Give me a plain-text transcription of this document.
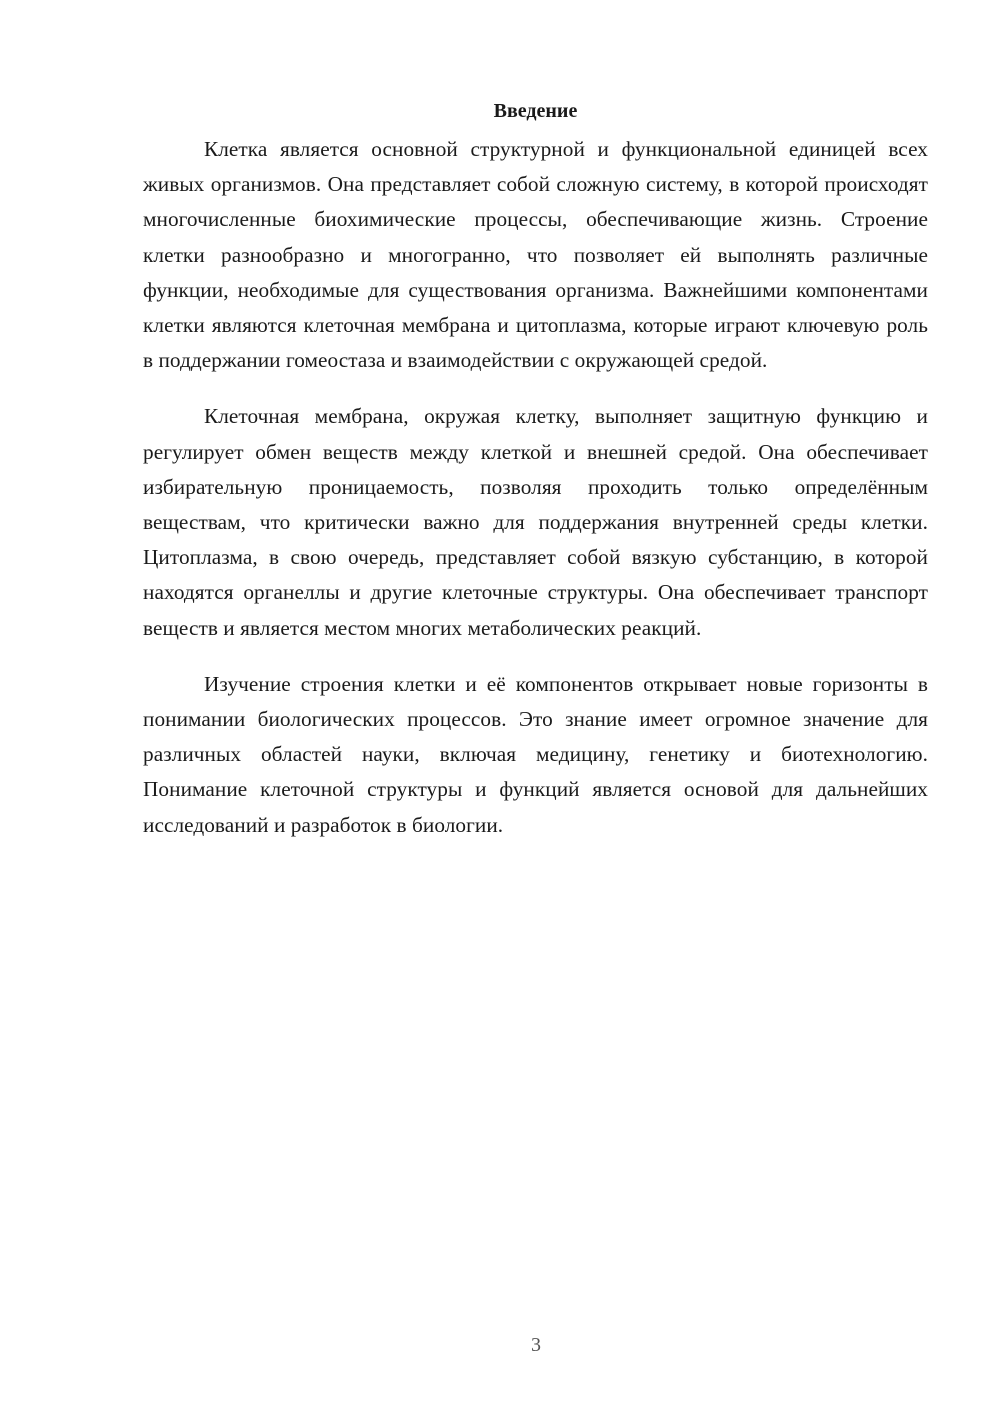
Введение

Клетка является основной структурной и функциональной единицей всех живых организмов. Она представляет собой сложную систему, в которой происходят многочисленные биохимические процессы, обеспечивающие жизнь. Строение клетки разнообразно и многогранно, что позволяет ей выполнять различные функции, необходимые для существования организма. Важнейшими компонентами клетки являются клеточная мембрана и цитоплазма, которые играют ключевую роль в поддержании гомеостаза и взаимодействии с окружающей средой.

Клеточная мембрана, окружая клетку, выполняет защитную функцию и регулирует обмен веществ между клеткой и внешней средой. Она обеспечивает избирательную проницаемость, позволяя проходить только определённым веществам, что критически важно для поддержания внутренней среды клетки. Цитоплазма, в свою очередь, представляет собой вязкую субстанцию, в которой находятся органеллы и другие клеточные структуры. Она обеспечивает транспорт веществ и является местом многих метаболических реакций.

Изучение строения клетки и её компонентов открывает новые горизонты в понимании биологических процессов. Это знание имеет огромное значение для различных областей науки, включая медицину, генетику и биотехнологию. Понимание клеточной структуры и функций является основой для дальнейших исследований и разработок в биологии.

3
